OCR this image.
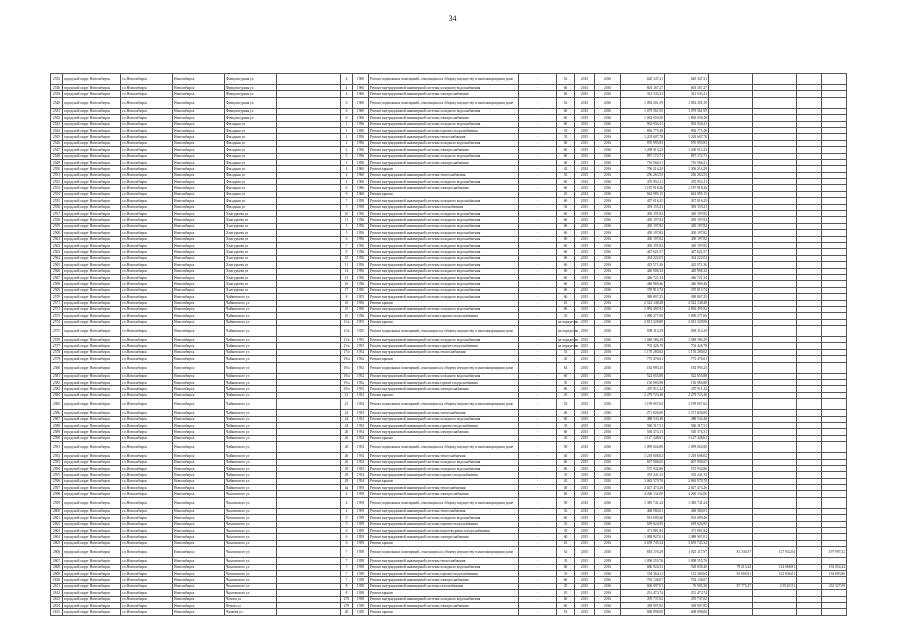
34
2535	городской округ Новосибирск	г.о.Новосибирск	Новосибирск	Физкультурная ул		4	1960	Ремонт подвальных помещений, относящихся к общему имуществу в многоквартирном доме	-	52	2015	2016	620 347,21	620 347,21				
2536	городской округ Новосибирск	г.о.Новосибирск	Новосибирск	Физкультурная ул		4	1960	Ремонт внутридомовой инженерной системы холодного водоснабжения	-	60	2014	2016	603 167,27	603 167,27				
2539	городской округ Новосибирск	г.о.Новосибирск	Новосибирск	Физкультурная ул		4	1960	Ремонт внутридомовой инженерной системы электроснабжения	-	60	2015	2016	321 543,21	321 543,21				
2540	городской округ Новосибирск	г.о.Новосибирск	Новосибирск	Физкультурная ул		6	1960	Ремонт подвальных помещений, относящихся к общему имуществу в многоквартирном доме	-	52	2015	2016	1 092 201,39	1 092 201,39				
2541	городской округ Новосибирск	г.о.Новосибирск	Новосибирск	Физкультурная ул		6	1960	Ремонт внутридомовой инженерной системы холодного водоснабжения	-	60	2015	2016	1 079 561,95	1 079 561,95				
2542	городской округ Новосибирск	г.о.Новосибирск	Новосибирск	Физкультурная ул		6	1960	Ремонт внутридомовой инженерной системы электроснабжения	-	60	2015	2016	1 065 659,49	1 065 659,49				
2543	городской округ Новосибирск	г.о.Новосибирск	Новосибирск	Фасадная ул		1	1956	Ремонт внутридомовой инженерной системы холодного водоснабжения	-	60	2015	2016	902 934,41	902 934,41				
2544	городской округ Новосибирск	г.о.Новосибирск	Новосибирск	Фасадная ул		1	1956	Ремонт внутридомовой инженерной системы горячего водоснабжения	-	35	2015	2016	856 775,48	856 775,48				
2545	городской округ Новосибирск	г.о.Новосибирск	Новосибирск	Фасадная ул		2	1956	Ремонт внутридомовой инженерной системы теплоснабжения	-	35	2015	2016	1 202 607,78	1 202 607,78				
2546	городской округ Новосибирск	г.о.Новосибирск	Новосибирск	Фасадная ул		2	1956	Ремонт внутридомовой инженерной системы холодного водоснабжения	-	60	2015	2016	970 995,85	970 995,85				
2547	городской округ Новосибирск	г.о.Новосибирск	Новосибирск	Фасадная ул		2	1956	Ремонт внутридомовой инженерной системы электроснабжения	-	60	2015	2016	1 269 913,23	1 269 913,23				
2548	городской округ Новосибирск	г.о.Новосибирск	Новосибирск	Фасадная ул		3	1956	Ремонт внутридомовой инженерной системы холодного водоснабжения	-	60	2015	2016	897 172,71	897 172,71				
2549	городской округ Новосибирск	г.о.Новосибирск	Новосибирск	Фасадная ул		3	1956	Ремонт внутридомовой инженерной системы электроснабжения	-	60	2015	2016	716 566,51	716 566,51				
2550	городской округ Новосибирск	г.о.Новосибирск	Новосибирск	Фасадная ул		4	1960	Ремонт крыши	-	45	2014	2016	706 214,29	1 306 214,29				
2551	городской округ Новосибирск	г.о.Новосибирск	Новосибирск	Фасадная ул		4	1960	Ремонт внутридомовой инженерной системы теплоснабжения	-	35	2015	2016	256 263,53	256 263,53				
2552	городской округ Новосибирск	г.о.Новосибирск	Новосибирск	Фасадная ул		4	1960	Ремонт внутридомовой инженерной системы холодного водоснабжения	-	60	2014	2016	470 952,11	470 952,11				
2553	городской округ Новосибирск	г.о.Новосибирск	Новосибирск	Фасадная ул		6	1960	Ремонт внутридомовой инженерной системы электроснабжения	-	60	2015	2016	1 187 918,26	1 187 918,26				
2554	городской округ Новосибирск	г.о.Новосибирск	Новосибирск	Фасадная ул		6	1960	Ремонт крыши	-	45	2014	2016	662 985,15	662 985,15				
2555	городской округ Новосибирск	г.о.Новосибирск	Новосибирск	Фасадная ул		7	1958	Ремонт внутридомовой инженерной системы холодного водоснабжения	-	60	2015	2016	457 016,25	457 016,25				
2556	городской округ Новосибирск	г.о.Новосибирск	Новосибирск	Фасадная ул		7	1958	Ремонт внутридомовой инженерной системы газоснабжения	-	35	2015	2016	393 155,21	393 155,21				
2557	городской округ Новосибирск	г.о.Новосибирск	Новосибирск	Хилгурьева ул		10	1956	Ремонт внутридомовой инженерной системы холодного водоснабжения	-	60	2015	2016	450 197,82	450 197,82				
2558	городской округ Новосибирск	г.о.Новосибирск	Новосибирск	Хилгурьева ул		11	1956	Ремонт внутридомовой инженерной системы холодного водоснабжения	-	60	2015	2016	450 197,82	450 197,82				
2559	городской округ Новосибирск	г.о.Новосибирск	Новосибирск	Хилгурьева ул		3	1956	Ремонт внутридомовой инженерной системы холодного водоснабжения	-	60	2015	2016	450 197,82	450 197,82				
2560	городской округ Новосибирск	г.о.Новосибирск	Новосибирск	Хилгурьева ул		5	1956	Ремонт внутридомовой инженерной системы холодного водоснабжения	-	60	2015	2016	450 197,82	450 197,82				
2561	городской округ Новосибирск	г.о.Новосибирск	Новосибирск	Хилгурьева ул		6	1956	Ремонт внутридомовой инженерной системы холодного водоснабжения	-	60	2015	2016	450 197,82	450 197,82				
2562	городской округ Новосибирск	г.о.Новосибирск	Новосибирск	Хилгурьева ул		7	1956	Ремонт внутридомовой инженерной системы холодного водоснабжения	-	60	2015	2016	450 197,82	450 197,82				
2563	городской округ Новосибирск	г.о.Новосибирск	Новосибирск	Хилгурьева ул		9	1956	Ремонт внутридомовой инженерной системы холодного водоснабжения	-	60	2015	2016	447 621,57	447 621,57				
2564	городской округ Новосибирск	г.о.Новосибирск	Новосибирск	Хилгурьева ул		10	1956	Ремонт внутридомовой инженерной системы холодного водоснабжения	-	60	2015	2016	434 222,03	434 222,03				
2565	городской округ Новосибирск	г.о.Новосибирск	Новосибирск	Хилгурьева ул		11	1956	Ремонт внутридомовой инженерной системы холодного водоснабжения	-	60	2015	2016	425 571,36	425 571,36				
2566	городской округ Новосибирск	г.о.Новосибирск	Новосибирск	Хилгурьева ул		14	1956	Ремонт внутридомовой инженерной системы холодного водоснабжения	-	60	2015	2016	440 906,34	440 906,34				
2567	городской округ Новосибирск	г.о.Новосибирск	Новосибирск	Хилгурьева ул		15	1956	Ремонт внутридомовой инженерной системы холодного водоснабжения	-	60	2015	2016	446 721,34	446 721,34				
2568	городской округ Новосибирск	г.о.Новосибирск	Новосибирск	Хилгурьева ул		16	1956	Ремонт внутридомовой инженерной системы холодного водоснабжения	-	60	2015	2016	446 969,46	446 969,46				
2569	городской округ Новосибирск	г.о.Новосибирск	Новосибирск	Хилгурьева ул		17	1956	Ремонт внутридомовой инженерной системы холодного водоснабжения	-	60	2015	2016	370 813,74	370 813,74				
2570	городской округ Новосибирск	г.о.Новосибирск	Новосибирск	Чайковского ул		8	1955	Ремонт внутридомовой инженерной системы холодного водоснабжения	-	60	2015	2016	389 807,25	389 807,25				
2571	городской округ Новосибирск	г.о.Новосибирск	Новосибирск	Чайковского ул		10	1956	Ремонт крыши	-	45	2015	2016	2 522 148,48	2 522 148,48				
2572	городской округ Новосибирск	г.о.Новосибирск	Новосибирск	Чайковского ул		10	1956	Ремонт внутридомовой инженерной системы холодного водоснабжения	-	60	2015	2016	2 092 495,92	2 092 495,92				
2573	городской округ Новосибирск	г.о.Новосибирск	Новосибирск	Чайковского ул		10	1956	Ремонт внутридомовой инженерной системы горячего водоснабжения	-	35	2015	2016	1 096 277,06	1 096 277,06				
2574	городской округ Новосибирск	г.о.Новосибирск	Новосибирск	Чайковского ул		11/а	1955	Ремонт крыши	-	не определен	2015	2016	2 813 528,88	2 813 528,88				
2575	городской округ Новосибирск	г.о.Новосибирск	Новосибирск	Чайковского ул		11/а	1955	Ремонт подвальных помещений, относящихся к общему имуществу в многоквартирном доме	-	не определен	2015	2016	858 114,29	858 114,29				
2576	городской округ Новосибирск	г.о.Новосибирск	Новосибирск	Чайковского ул		11/а	1955	Ремонт внутридомовой инженерной системы холодного водоснабжения	-	не определен	2015	2016	1 048 384,29	1 048 384,29				
2577	городской округ Новосибирск	г.о.Новосибирск	Новосибирск	Чайковского ул		11/а	1955	Ремонт внутридомовой инженерной системы горячего водоснабжения	-	не определен	2015	2016	703 426,78	703 426,78				
2578	городской округ Новосибирск	г.о.Новосибирск	Новосибирск	Чайковского ул		17/а	1954	Ремонт внутридомовой инженерной системы теплоснабжения	-	35	2015	2016	1 170 280,02	1 170 280,02				
2579	городской округ Новосибирск	г.о.Новосибирск	Новосибирск	Чайковского ул		19/а	1952	Ремонт крыши	-	45	2015	2016	775 476,61	775 476,61				
2580	городской округ Новосибирск	г.о.Новосибирск	Новосибирск	Чайковского ул		19/а	1952	Ремонт подвальных помещений, относящихся к общему имуществу в многоквартирном доме	-	64	2015	2016	182 995,25	182 995,25				
2581	городской округ Новосибирск	г.о.Новосибирск	Новосибирск	Чайковского ул		19/а	1952	Ремонт внутридомовой инженерной системы холодного водоснабжения	-	60	2015	2016	522 655,88	522 655,88				
2582	городской округ Новосибирск	г.о.Новосибирск	Новосибирск	Чайковского ул		19/а	1952	Ремонт внутридомовой инженерной системы горячего водоснабжения	-	35	2015	2016	150 985,88	150 985,88				
2583	городской округ Новосибирск	г.о.Новосибирск	Новосибирск	Чайковского ул		19/а	1952	Ремонт внутридомовой инженерной системы электроснабжения	-	60	2015	2016	470 911,22	470 911,22				
2584	городской округ Новосибирск	г.о.Новосибирск	Новосибирск	Чайковского ул		21	1954	Ремонт крыши	-	45	2015	2016	2 279 723,46	2 279 723,46				
2585	городской округ Новосибирск	г.о.Новосибирск	Новосибирск	Чайковского ул		21	1954	Ремонт подвальных помещений, относящихся к общему имуществу в многоквартирном доме	-	52	2015	2016	1 199 067,62	1 199 067,62				
2586	городской округ Новосибирск	г.о.Новосибирск	Новосибирск	Чайковского ул		24	1954	Ремонт внутридомовой инженерной системы теплоснабжения	-	40	2014	2016	271 826,06	1 271 826,06				
2587	городской округ Новосибирск	г.о.Новосибирск	Новосибирск	Чайковского ул		24	1954	Ремонт внутридомовой инженерной системы холодного водоснабжения	-	60	2015	2016	488 543,48	488 543,48				
2588	городской округ Новосибирск	г.о.Новосибирск	Новосибирск	Чайковского ул		24	1954	Ремонт внутридомовой инженерной системы горячего водоснабжения	-	35	2015	2016	560 317,51	560 317,51				
2589	городской округ Новосибирск	г.о.Новосибирск	Новосибирск	Чайковского ул		26	1954	Ремонт внутридомовой инженерной системы электроснабжения	-	60	2015	2016	530 374,31	530 374,31				
2590	городской округ Новосибирск	г.о.Новосибирск	Новосибирск	Чайковского ул		26	1954	Ремонт крыши	-	45	2015	2016	1 127 448,61	1 127 448,61				
2591	городской округ Новосибирск	г.о.Новосибирск	Новосибирск	Чайковского ул		26	1954	Ремонт подвальных помещений, относящихся к общему имуществу в многоквартирном доме	-	58	2015	2016	1 099 602,80	1 099 602,80				
2592	городской округ Новосибирск	г.о.Новосибирск	Новосибирск	Чайковского ул		26	1954	Ремонт внутридомовой инженерной системы теплоснабжения	-	40	2015	2016	1 218 608,02	1 218 608,02				
2593	городской округ Новосибирск	г.о.Новосибирск	Новосибирск	Чайковского ул		26	1954	Ремонт внутридомовой инженерной системы холодного водоснабжения	-	60	2015	2016	607 906,05	607 906,05				
2594	городской округ Новосибирск	г.о.Новосибирск	Новосибирск	Чайковского ул		29	1954	Ремонт внутридомовой инженерной системы холодного водоснабжения	-	60	2015	2016	575 932,86	575 932,86				
2595	городской округ Новосибирск	г.о.Новосибирск	Новосибирск	Чайковского ул		29	1954	Ремонт внутридомовой инженерной системы горячего водоснабжения	-	35	2015	2016	355 241,33	355 241,33				
2596	городской округ Новосибирск	г.о.Новосибирск	Новосибирск	Чайковского ул		29	1954	Ремонт крыши	-	45	2015	2016	2 063 579,70	2 063 579,70				
2597	городской округ Новосибирск	г.о.Новосибирск	Новосибирск	Чайковского ул		4а	1959	Ремонт внутридомовой инженерной системы теплоснабжения	-	40	2015	2016	2 027 473,26	2 027 473,26				
2598	городской округ Новосибирск	г.о.Новосибирск	Новосибирск	Чкаловского ул		4	1959	Ремонт внутридомовой инженерной системы электроснабжения	-	60	2015	2016	4 260 132,00	4 260 132,00				
2599	городской округ Новосибирск	г.о.Новосибирск	Новосибирск	Чкаловского ул		4	1959	Ремонт подвальных помещений, относящихся к общему имуществу в многоквартирном доме	-	58	2015	2016	1 385 741,24	1 385 741,24				
2600	городской округ Новосибирск	г.о.Новосибирск	Новосибирск	Чкаловского ул		4	1959	Ремонт внутридомовой инженерной системы теплоснабжения	-	35	2015	2016	468 584,01	468 584,01				
2601	городской округ Новосибирск	г.о.Новосибирск	Новосибирск	Чкаловского ул		5	1959	Ремонт внутридомовой инженерной системы холодного водоснабжения	-	60	2015	2016	591 699,46	591 699,46				
2602	городской округ Новосибирск	г.о.Новосибирск	Новосибирск	Чкаловского ул		5	1959	Ремонт внутридомовой инженерной системы горячего водоснабжения	-	35	2015	2016	659 624,95	659 624,95				
2603	городской округ Новосибирск	г.о.Новосибирск	Новосибирск	Чкаловского ул		6	1959	Ремонт внутридомовой инженерной системы водоотведения и водоснабжения	-	35	2015	2016	371 881,84	371 881,84				
2604	городской округ Новосибирск	г.о.Новосибирск	Новосибирск	Чкаловского ул		6	1959	Ремонт внутридомовой инженерной системы электроснабжения	-	60	2015	2016	1 088 907,01	1 088 907,01				
2605	городской округ Новосибирск	г.о.Новосибирск	Новосибирск	Чкаловского ул		6	1959	Ремонт крыши	-	45	2015	2016	3 659 745,34	3 659 745,34				
2606	городской округ Новосибирск	г.о.Новосибирск	Новосибирск	Чкаловского ул		7	1958	Ремонт подвальных помещений, относящихся к общему имуществу в многоквартирном доме	-	52	2015	2016	854 176,29	1 025 117,97	81 336,37	127 932,04		197 997,52
2607	городской округ Новосибирск	г.о.Новосибирск	Новосибирск	Чкаловского ул		7	1958	Ремонт внутридомовой инженерной системы теплоснабжения	-	35	2015	2016	1 098 555,76	1 098 555,76				
2608	городской округ Новосибирск	г.о.Новосибирск	Новосибирск	Чкаловского ул		7	1958	Ремонт внутридомовой инженерной системы холодного водоснабжения	-	60	2015	2016	660 924,52	528 658,40	79 213,42	124 068,81		192 054,24
2609	городской округ Новосибирск	г.о.Новосибирск	Новосибирск	Чкаловского ул		7	1958	Ремонт внутридомовой инженерной системы горячего водоснабжения	-	35	2015	2016	554 364,11	113 200,64	81 604,91	121 944,01		194 083,80
2610	городской округ Новосибирск	г.о.Новосибирск	Новосибирск	Чкаловского ул		7	1958	Ремонт внутридомовой инженерной системы электроснабжения	-	60	2015	2016	792 136,07	792 136,07				
2611	городской округ Новосибирск	г.о.Новосибирск	Новосибирск	Чкаловского ул		8	1958	Ремонт внутридомовой инженерной системы газоснабжения	-	35	2015	2016	600 097,01	70 905,36	87 775,47	2 59,03 51		233 527,09
2612	городской округ Новосибирск	г.о.Новосибирск	Новосибирск	Чкаловского ул		8	1958	Ремонт крыши	-	45	2015	2016	251 473,74	251 473,74				
2613	городской округ Новосибирск	г.о.Новосибирск	Новосибирск	Чехова ул		27б	1958	Ремонт внутридомовой инженерной системы холодного водоснабжения	-	60	2015	2016	470 737,02	470 737,02				
2614	городской округ Новосибирск	г.о.Новосибирск	Новосибирск	Чехова ул		27б	1958	Ремонт внутридомовой инженерной системы электроснабжения	-	60	2015	2016	438 907,85	438 907,85				
2615	городской округ Новосибирск	г.о.Новосибирск	Новосибирск	Чапаева ул		20	1950	Ремонт крыши	-	18	2015	2016	608 898,00	608 898,00				
